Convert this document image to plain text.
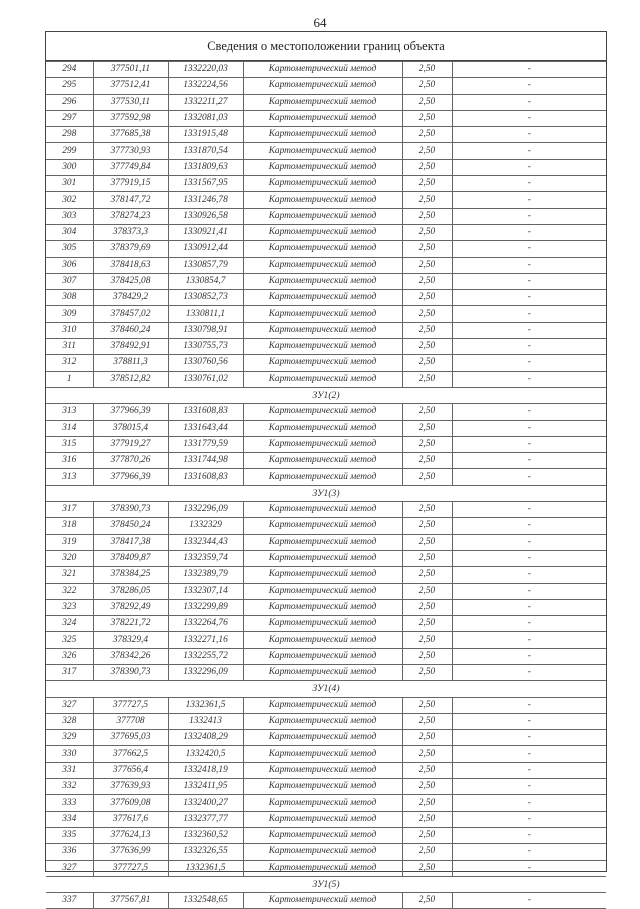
64
Сведения о местоположении границ объекта
294	377501,11	1332220,03	Картометрический метод	2,50	-
295	377512,41	1332224,56	Картометрический метод	2,50	-
296	377530,11	1332211,27	Картометрический метод	2,50	-
297	377592,98	1332081,03	Картометрический метод	2,50	-
298	377685,38	1331915,48	Картометрический метод	2,50	-
299	377730,93	1331870,54	Картометрический метод	2,50	-
300	377749,84	1331809,63	Картометрический метод	2,50	-
301	377919,15	1331567,95	Картометрический метод	2,50	-
302	378147,72	1331246,78	Картометрический метод	2,50	-
303	378274,23	1330926,58	Картометрический метод	2,50	-
304	378373,3	1330921,41	Картометрический метод	2,50	-
305	378379,69	1330912,44	Картометрический метод	2,50	-
306	378418,63	1330857,79	Картометрический метод	2,50	-
307	378425,08	1330854,7	Картометрический метод	2,50	-
308	378429,2	1330852,73	Картометрический метод	2,50	-
309	378457,02	1330811,1	Картометрический метод	2,50	-
310	378460,24	1330798,91	Картометрический метод	2,50	-
311	378492,91	1330755,73	Картометрический метод	2,50	-
312	378811,3	1330760,56	Картометрический метод	2,50	-
1	378512,82	1330761,02	Картометрический метод	2,50	-
ЗУ1(2)					
313	377966,39	1331608,83	Картометрический метод	2,50	-
314	378015,4	1331643,44	Картометрический метод	2,50	-
315	377919,27	1331779,59	Картометрический метод	2,50	-
316	377870,26	1331744,98	Картометрический метод	2,50	-
313	377966,39	1331608,83	Картометрический метод	2,50	-
ЗУ1(3)					
317	378390,73	1332296,09	Картометрический метод	2,50	-
318	378450,24	1332329	Картометрический метод	2,50	-
319	378417,38	1332344,43	Картометрический метод	2,50	-
320	378409,87	1332359,74	Картометрический метод	2,50	-
321	378384,25	1332389,79	Картометрический метод	2,50	-
322	378286,05	1332307,14	Картометрический метод	2,50	-
323	378292,49	1332299,89	Картометрический метод	2,50	-
324	378221,72	1332264,76	Картометрический метод	2,50	-
325	378329,4	1332271,16	Картометрический метод	2,50	-
326	378342,26	1332255,72	Картометрический метод	2,50	-
317	378390,73	1332296,09	Картометрический метод	2,50	-
ЗУ1(4)					
327	377727,5	1332361,5	Картометрический метод	2,50	-
328	377708	1332413	Картометрический метод	2,50	-
329	377695,03	1332408,29	Картометрический метод	2,50	-
330	377662,5	1332420,5	Картометрический метод	2,50	-
331	377656,4	1332418,19	Картометрический метод	2,50	-
332	377639,93	1332411,95	Картометрический метод	2,50	-
333	377609,08	1332400,27	Картометрический метод	2,50	-
334	377617,6	1332377,77	Картометрический метод	2,50	-
335	377624,13	1332360,52	Картометрический метод	2,50	-
336	377636,99	1332326,55	Картометрический метод	2,50	-
327	377727,5	1332361,5	Картометрический метод	2,50	-
ЗУ1(5)					
337	377567,81	1332548,65	Картометрический метод	2,50	-
